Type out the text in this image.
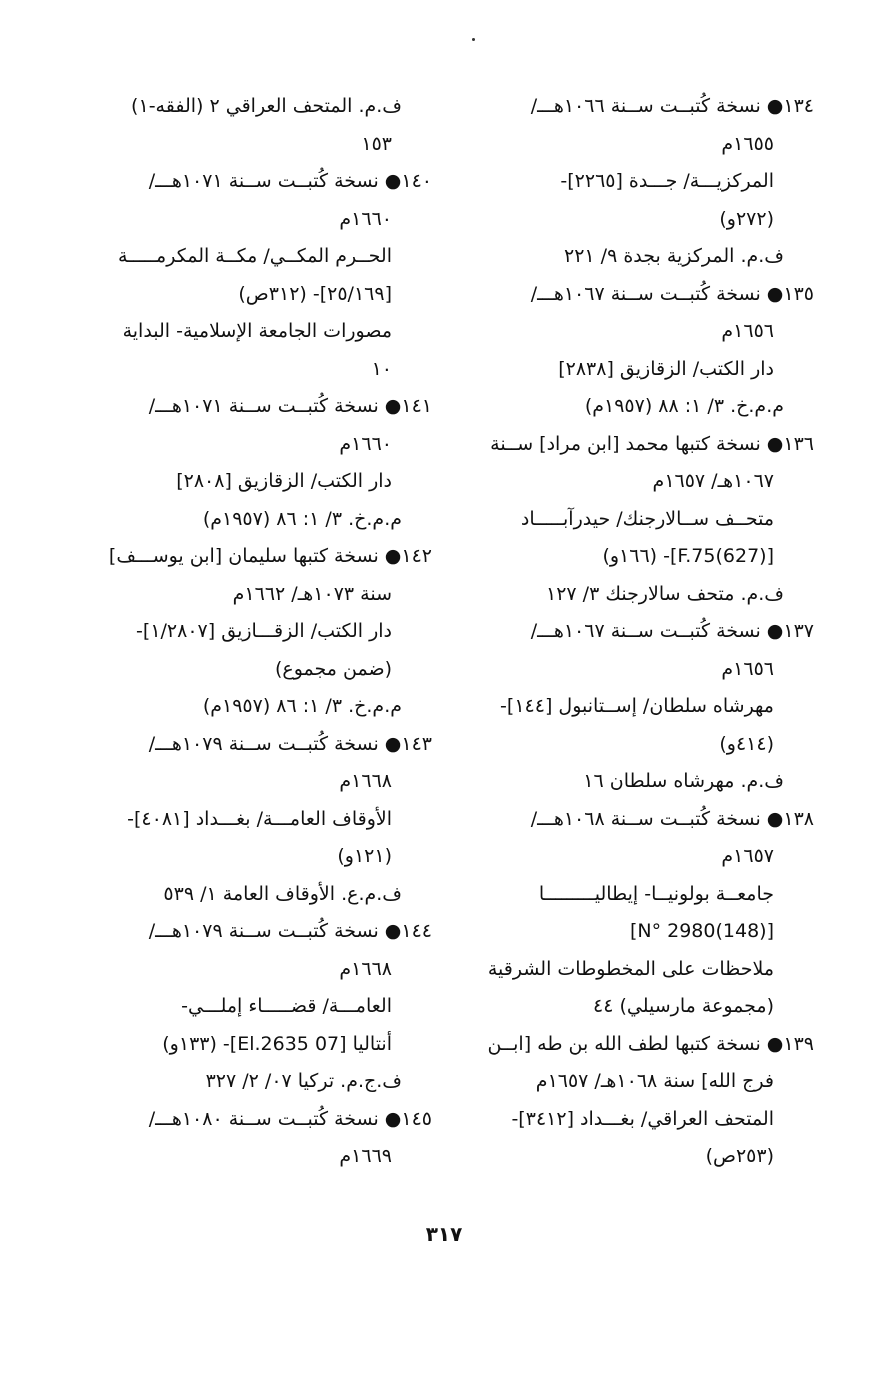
١٣٤● نسخة كُتبــت ســنة ١٠٦٦هـــ/
١٦٥٥م
المركزيـــة/ جـــدة [٢٢٦٥]-
(٢٧٢و)
ف.م. المركزية بجدة ٩/ ٢٢١
١٣٥● نسخة كُتبــت ســنة ١٠٦٧هـــ/
١٦٥٦م
دار الكتب/ الزقازيق [٢٨٣٨]
م.م.خ. ٣/ ١: ٨٨ (١٩٥٧م)
١٣٦● نسخة كتبها محمد [ابن مراد] ســنة
١٠٦٧هـ/ ١٦٥٧م
متحــف ســالارجنك/ حيدرآبـــــاد
[(627)F.75]- (١٦٦و)
ف.م. متحف سالارجنك ٣/ ١٢٧
١٣٧● نسخة كُتبــت ســنة ١٠٦٧هـــ/
١٦٥٦م
مهرشاه سلطان/ إســتانبول [١٤٤]-
(٤١٤و)
ف.م. مهرشاه سلطان ١٦
١٣٨● نسخة كُتبــت ســنة ١٠٦٨هـــ/
١٦٥٧م
جامعــة بولونيــا- إيطاليـــــــــا
[(148)N° 2980]
ملاحظات على المخطوطات الشرقية
(مجموعة مارسيلي) ٤٤
١٣٩● نسخة كتبها لطف الله بن طه [ابــن
فرج الله] سنة ١٠٦٨هـ/ ١٦٥٧م
المتحف العراقي/ بغـــداد [٣٤١٢]-
(٢٥٣ص)
ف.م. المتحف العراقي ٢ (الفقه-١)
١٥٣
١٤٠● نسخة كُتبــت ســنة ١٠٧١هـــ/
١٦٦٠م
الحــرم المكــي/ مكــة المكرمـــــة
[٢٥/١٦٩]- (٣١٢ص)
مصورات الجامعة الإسلامية- البداية
١٠
١٤١● نسخة كُتبــت ســنة ١٠٧١هـــ/
١٦٦٠م
دار الكتب/ الزقازيق [٢٨٠٨]
م.م.خ. ٣/ ١: ٨٦ (١٩٥٧م)
١٤٢● نسخة كتبها سليمان [ابن يوســـف]
سنة ١٠٧٣هـ/ ١٦٦٢م
دار الكتب/ الزقـــازيق [١/٢٨٠٧]-
(ضمن مجموع)
م.م.خ. ٣/ ١: ٨٦ (١٩٥٧م)
١٤٣● نسخة كُتبــت ســنة ١٠٧٩هـــ/
١٦٦٨م
الأوقاف العامـــة/ بغـــداد [٤٠٨١]-
(١٢١و)
ف.م.ع. الأوقاف العامة ١/ ٥٣٩
١٤٤● نسخة كُتبــت ســنة ١٠٧٩هـــ/
١٦٦٨م
العامـــة/ قضـــــاء إملـــي-
أنتاليا [07 El.2635]- (١٣٣و)
ف.ج.م. تركيا ٠٧/ ٢/ ٣٢٧
١٤٥● نسخة كُتبــت ســنة ١٠٨٠هـــ/
١٦٦٩م
٣١٧
